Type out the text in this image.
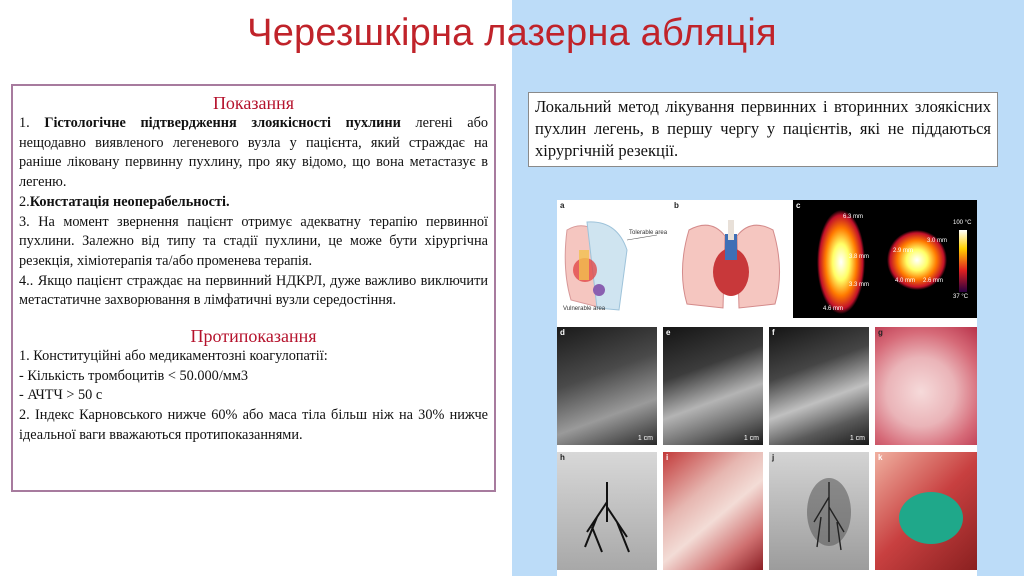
Черезшкірна лазерна абляція
Показання

1. Гістологічне підтвердження злоякісності пухлини легені або нещодавно виявленого легеневого вузла у пацієнта, який страждає на раніше ліковану первинну пухлину, про яку відомо, що вона метастазує в легеню.

2.Констатація неоперабельності.

3. На момент звернення пацієнт отримує адекватну терапію первинної пухлини. Залежно від типу та стадії пухлини, це може бути хірургічна резекція, хіміотерапія та/або променева терапія.

4.. Якщо пацієнт страждає на первинний НДКРЛ, дуже важливо виключити метастатичне захворювання в лімфатичні вузли середостіння.

Протипоказання

1. Конституційні або медикаментозні коагулопатії:

- Кількість тромбоцитів < 50.000/мм3

- АЧТЧ > 50 с

2. Індекс Карновського нижче 60% або маса тіла більш ніж на 30% нижче ідеальної ваги вважаються протипоказаннями.

Локальний метод лікування первинних і вторинних злоякісних пухлин легень, в першу чергу у пацієнтів, які не піддаються хірургічній резекції.
a
Tolerable area
Vulnerable area
b	c
100 °C
37 °C
6.3 mm
3.8 mm
3.3 mm
4.6 mm
2.9 mm
3.0 mm
4.0 mm 2.6 mm
d
1 cm
e
1 cm
f
1 cm
g
h	i	j	k
